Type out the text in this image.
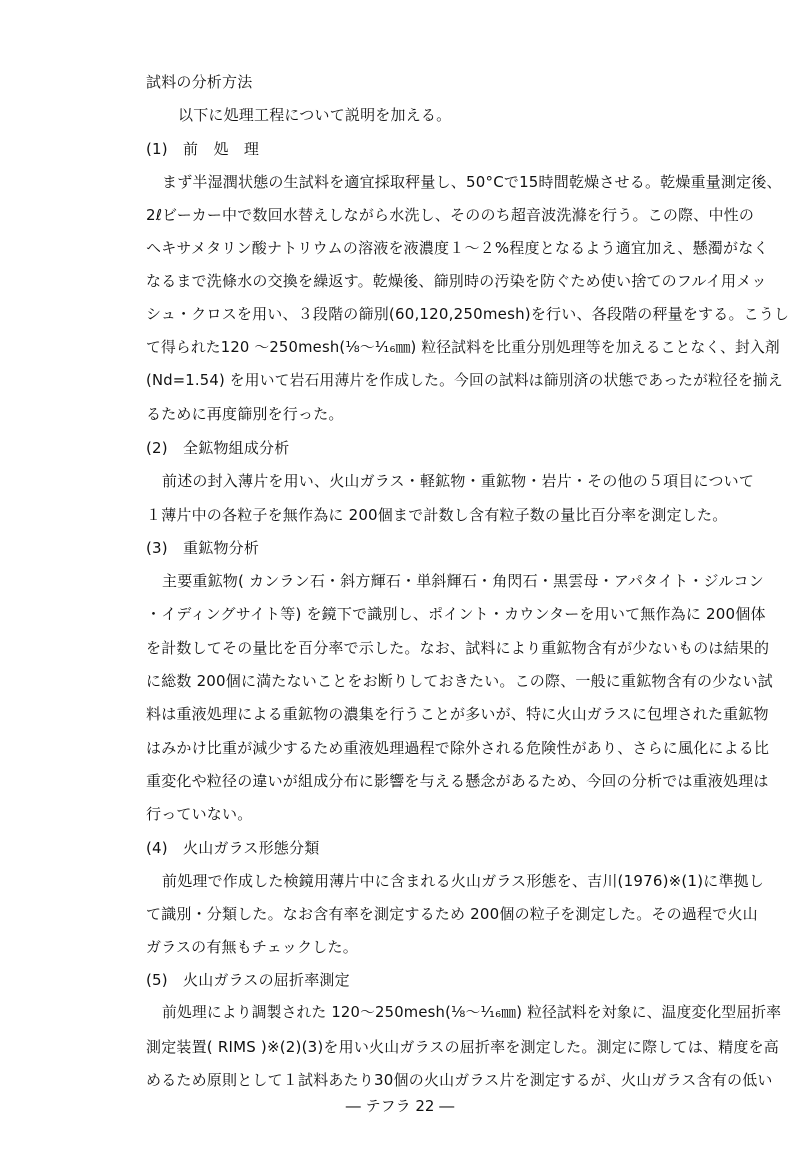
試料の分析方法
以下に処理工程について説明を加える。
(1)　前　処　理
まず半湿潤状態の生試料を適宜採取秤量し、50°Cで15時間乾燥させる。乾燥重量測定後、
2ℓビーカー中で数回水替えしながら水洗し、そののち超音波洗滌を行う。この際、中性の
ヘキサメタリン酸ナトリウムの溶液を液濃度１～２%程度となるよう適宜加え、懸濁がなく
なるまで洗條水の交換を繰返す。乾燥後、篩別時の汚染を防ぐため使い捨てのフルイ用メッ
シュ・クロスを用い、３段階の篩別(60,120,250mesh)を行い、各段階の秤量をする。こうし
て得られた120 ～250mesh(⅛～⅟₁₆㎜) 粒径試料を比重分別処理等を加えることなく、封入剤
(Nd=1.54) を用いて岩石用薄片を作成した。今回の試料は篩別済の状態であったが粒径を揃え
るために再度篩別を行った。
(2)　全鉱物組成分析
前述の封入薄片を用い、火山ガラス・軽鉱物・重鉱物・岩片・その他の５項目について
１薄片中の各粒子を無作為に 200個まで計数し含有粒子数の量比百分率を測定した。
(3)　重鉱物分析
主要重鉱物( カンラン石・斜方輝石・単斜輝石・角閃石・黒雲母・アパタイト・ジルコン
・イディングサイト等) を鏡下で識別し、ポイント・カウンターを用いて無作為に 200個体
を計数してその量比を百分率で示した。なお、試料により重鉱物含有が少ないものは結果的
に総数 200個に満たないことをお断りしておきたい。この際、一般に重鉱物含有の少ない試
料は重液処理による重鉱物の濃集を行うことが多いが、特に火山ガラスに包埋された重鉱物
はみかけ比重が減少するため重液処理過程で除外される危険性があり、さらに風化による比
重変化や粒径の違いが組成分布に影響を与える懸念があるため、今回の分析では重液処理は
行っていない。
(4)　火山ガラス形態分類
前処理で作成した検鏡用薄片中に含まれる火山ガラス形態を、吉川(1976)※(1)に準拠し
て識別・分類した。なお含有率を測定するため 200個の粒子を測定した。その過程で火山
ガラスの有無もチェックした。
(5)　火山ガラスの屈折率測定
前処理により調製された 120～250mesh(⅛～⅟₁₆㎜) 粒径試料を対象に、温度変化型屈折率
測定装置( RIMS )※(2)(3)を用い火山ガラスの屈折率を測定した。測定に際しては、精度を高
めるため原則として１試料あたり30個の火山ガラス片を測定するが、火山ガラス含有の低い
― テフラ 22 ―
